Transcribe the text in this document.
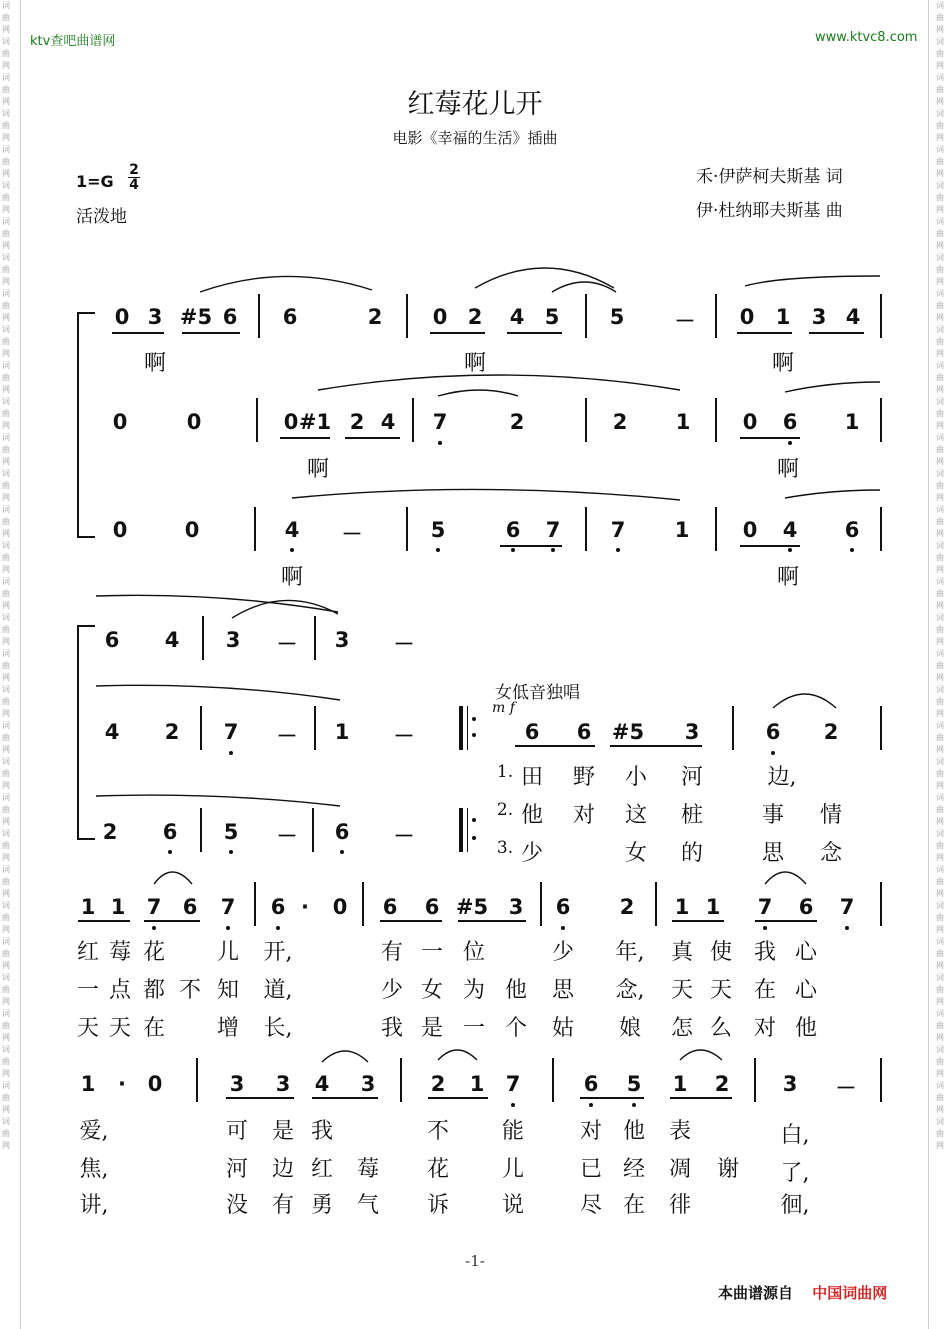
词曲网词曲网词曲网词曲网词曲网词曲网词曲网词曲网词曲网词曲网词曲网词曲网词曲网词曲网词曲网词曲网词曲网词曲网词曲网词曲网词曲网词曲网词曲网词曲网词曲网词曲网词曲网词曲网词曲网词曲网词曲网词曲网
词曲网词曲网词曲网词曲网词曲网词曲网词曲网词曲网词曲网词曲网词曲网词曲网词曲网词曲网词曲网词曲网词曲网词曲网词曲网词曲网词曲网词曲网词曲网词曲网词曲网词曲网词曲网词曲网词曲网词曲网词曲网词曲网
ktv查吧曲谱网	www.ktvc8.com
红莓花儿开
电影《幸福的生活》插曲
1=G
2
4
活泼地
禾·伊萨柯夫斯基 词
伊·杜纳耶夫斯基 曲
0 3 #5 6 6	2 0 2 4 5 5 － 0 1 3 4
啊	啊	啊
0	0	0 #1 2 4 7	2	2 1 0 6 1
啊	啊
0	0	4 －	5	6 7 7 1	0 4 6
啊	啊
6 4 3 － 3 －
女低音独唱
m f
4 2 7 － 1 －	6 6 #5 3	6 2
1. 田 野 小 河	边,
2. 他 对 这 桩	事 情
3. 少	女 的	思 念
2 6 5 － 6 －
1 1 7 6 7 6 · 0 6 6 #5 3 6 2 1 1 7 6 7
红 莓 花 儿 开,	有 一 位	少 年, 真 使 我 心
一 点 都 不 知 道,	少 女 为 他 思 念, 天 天 在 心
天 天 在 增 长,	我 是 一 个 姑 娘 怎 么 对 他
1 · 0	3 3 4 3	2 1 7	6 5 1 2	3 －
爱,	可 是 我	不 能	对 他 表	白,
焦,	河 边 红 莓 花 儿	已 经 凋 谢 了,
讲,	没 有 勇 气 诉 说	尽 在 徘	徊,
-1-
本曲谱源自 中国词曲网
